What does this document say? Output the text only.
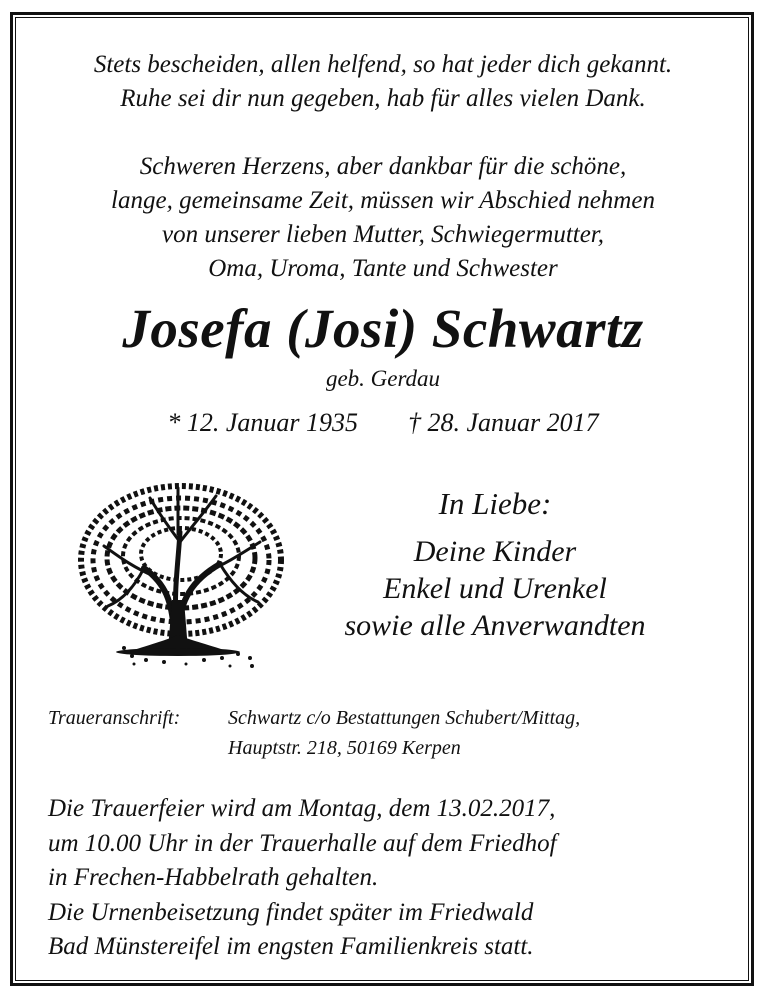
Stets bescheiden, allen helfend, so hat jeder dich gekannt.
Ruhe sei dir nun gegeben, hab für alles vielen Dank.
Schweren Herzens, aber dankbar für die schöne,
lange, gemeinsame Zeit, müssen wir Abschied nehmen
von unserer lieben Mutter, Schwiegermutter,
Oma, Uroma, Tante und Schwester
Josefa (Josi) Schwartz
geb. Gerdau
* 12. Januar 1935 † 28. Januar 2017
In Liebe:
Deine Kinder
Enkel und Urenkel
sowie alle Anverwandten
Traueranschrift:	Schwartz c/o Bestattungen Schubert/Mittag,
Hauptstr. 218, 50169 Kerpen
Die Trauerfeier wird am Montag, dem 13.02.2017,
um 10.00 Uhr in der Trauerhalle auf dem Friedhof
in Frechen-Habbelrath gehalten.
Die Urnenbeisetzung findet später im Friedwald
Bad Münstereifel im engsten Familienkreis statt.
